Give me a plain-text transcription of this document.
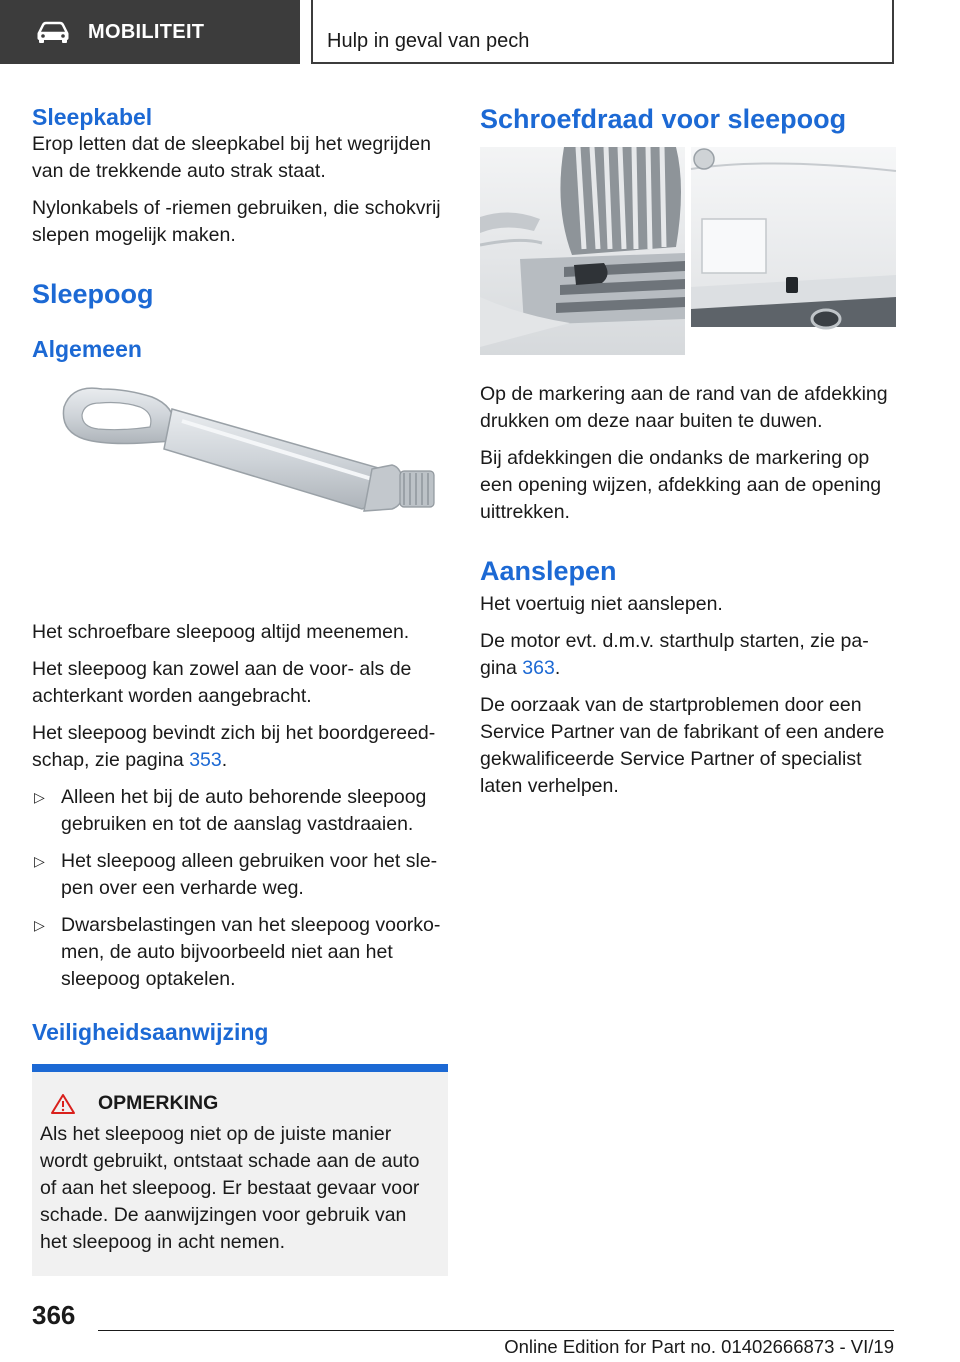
MOBILITEIT	Hulp in geval van pech
Sleepkabel

Erop letten dat de sleepkabel bij het wegrijden van de trekkende auto strak staat.

Nylonkabels of -riemen gebruiken, die schokvrij slepen mogelijk maken.

Sleepoog
Algemeen

Het schroefbare sleepoog altijd meenemen.

Het sleepoog kan zowel aan de voor- als de achterkant worden aangebracht.

Het sleepoog bevindt zich bij het boordgereedschap, zie pagina 353.

▷ Alleen het bij de auto behorende sleepoog gebruiken en tot de aanslag vastdraaien.
▷ Het sleepoog alleen gebruiken voor het slepen over een verharde weg.
▷ Dwarsbelastingen van het sleepoog voorkomen, de auto bijvoorbeeld niet aan het sleepoog optakelen.
Veiligheidsaanwijzing
OPMERKING

Als het sleepoog niet op de juiste manier wordt gebruikt, ontstaat schade aan de auto of aan het sleepoog. Er bestaat gevaar voor schade. De aanwijzingen voor gebruik van het sleepoog in acht nemen.

Schroefdraad voor sleepoog

Op de markering aan de rand van de afdekking drukken om deze naar buiten te duwen.

Bij afdekkingen die ondanks de markering op een opening wijzen, afdekking aan de opening uittrekken.

Aanslepen

Het voertuig niet aanslepen.

De motor evt. d.m.v. starthulp starten, zie pagina 363.

De oorzaak van de startproblemen door een Service Partner van de fabrikant of een andere gekwalificeerde Service Partner of specialist laten verhelpen.

366
Online Edition for Part no. 01402666873 - VI/19
